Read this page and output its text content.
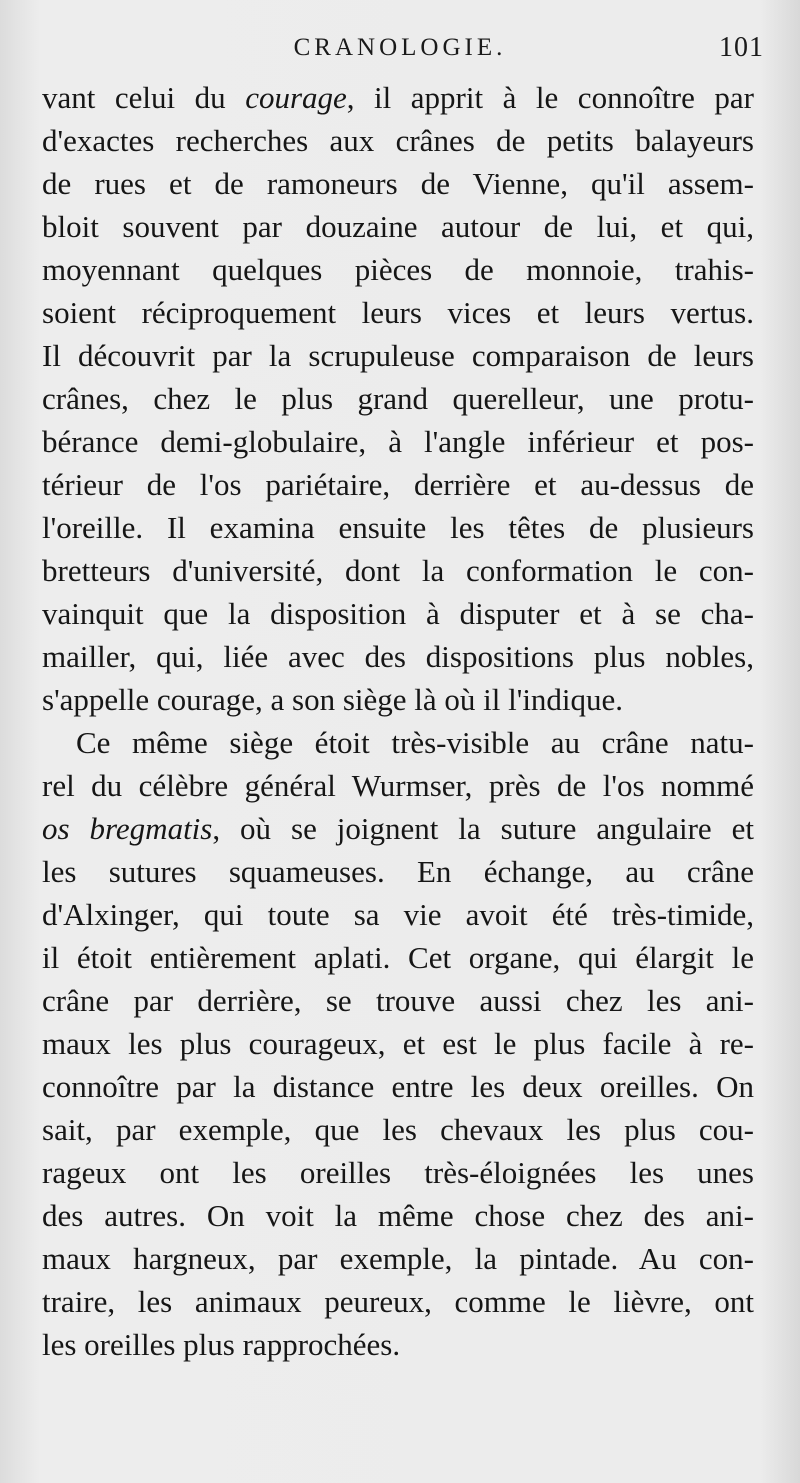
CRANOLOGIE.	101
vant celui du courage, il apprit à le connoître par
d'exactes recherches aux crânes de petits balayeurs
de rues et de ramoneurs de Vienne, qu'il assem-
bloit souvent par douzaine autour de lui, et qui,
moyennant quelques pièces de monnoie, trahis-
soient réciproquement leurs vices et leurs vertus.
Il découvrit par la scrupuleuse comparaison de leurs
crânes, chez le plus grand querelleur, une protu-
bérance demi-globulaire, à l'angle inférieur et pos-
térieur de l'os pariétaire, derrière et au-dessus de
l'oreille. Il examina ensuite les têtes de plusieurs
bretteurs d'université, dont la conformation le con-
vainquit que la disposition à disputer et à se cha-
mailler, qui, liée avec des dispositions plus nobles,
s'appelle courage, a son siège là où il l'indique.
Ce même siège étoit très-visible au crâne natu-
rel du célèbre général Wurmser, près de l'os nommé
os bregmatis, où se joignent la suture angulaire et
les sutures squameuses. En échange, au crâne
d'Alxinger, qui toute sa vie avoit été très-timide,
il étoit entièrement aplati. Cet organe, qui élargit le
crâne par derrière, se trouve aussi chez les ani-
maux les plus courageux, et est le plus facile à re-
connoître par la distance entre les deux oreilles. On
sait, par exemple, que les chevaux les plus cou-
rageux ont les oreilles très-éloignées les unes
des autres. On voit la même chose chez des ani-
maux hargneux, par exemple, la pintade. Au con-
traire, les animaux peureux, comme le lièvre, ont
les oreilles plus rapprochées.
